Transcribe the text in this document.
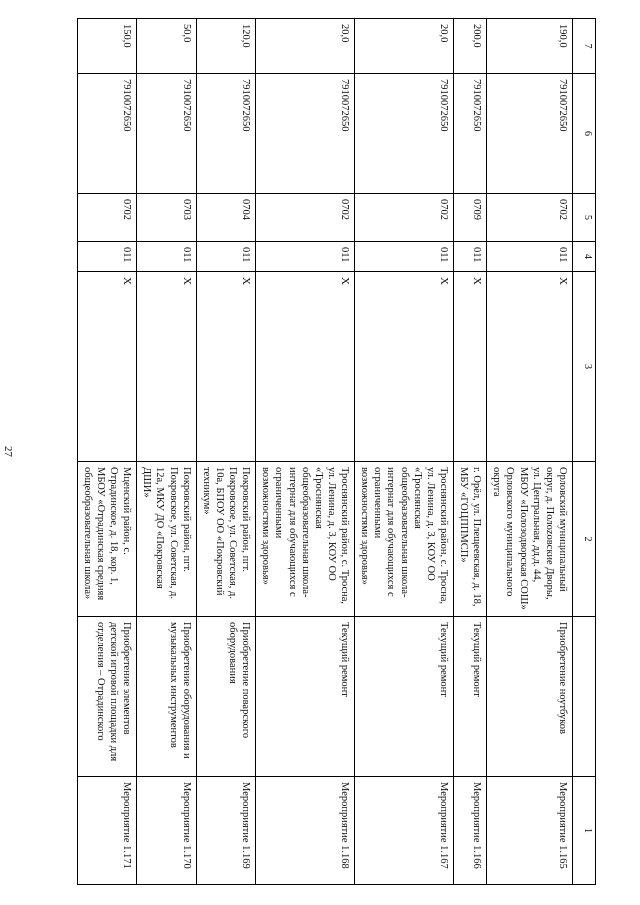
27
7	6	5	4	3	2		1
190,0	7910072650	0702	011	X	Орловский муниципальный округ, д. Полozовские Дворы, ул. Центральная, дд.д. 44, МБОУ «Полозодворская СОШ» Орловского муниципального округа	Приобретение ноутбуков	Мероприятие 1.165
200,0	7910072650	0709	011	X	г. Орёл, ул. Плещеевская, д. 18, МБУ «ГОЦППМСП»	Текущий ремонт	Мероприятие 1.166
20,0	7910072650	0702	011	X	Троснянский район, с. Тросна, ул. Ленина, д. 3, КОУ ОО «Троснянская общеобразовательная школа-интернат для обучающихся с ограниченными возможностями здоровья»	Текущий ремонт	Мероприятие 1.167
20,0	7910072650	0702	011	X	Троснянский район, с. Тросна, ул. Ленина, д. 3, КОУ ОО «Троснянская общеобразовательная школа-интернат для обучающихся с ограниченными возможностями здоровья»	Текущий ремонт	Мероприятие 1.168
120,0	7910072650	0704	011	X	Покровский район, пгт. Покровское, ул. Советская, д. 10а, БПОУ ОО «Покровский техникум»	Приобретение поварского оборудования	Мероприятие 1.169
50,0	7910072650	0703	011	X	Покровский район, пгт. Покровское, ул. Советская, д. 12а, МКУ ДО «Покровская ДШИ»	Приобретение оборудования и музыкальных инструментов	Мероприятие 1.170
150,0	7910072650	0702	011	X	Мценский район, с. Отрадинское, д. 18, кор. 1, МБОУ «Отрадинская средняя общеобразовательная школа»	Приобретение элементов детской игровой площадки для отделения – Отрадинского	Мероприятие 1.171
